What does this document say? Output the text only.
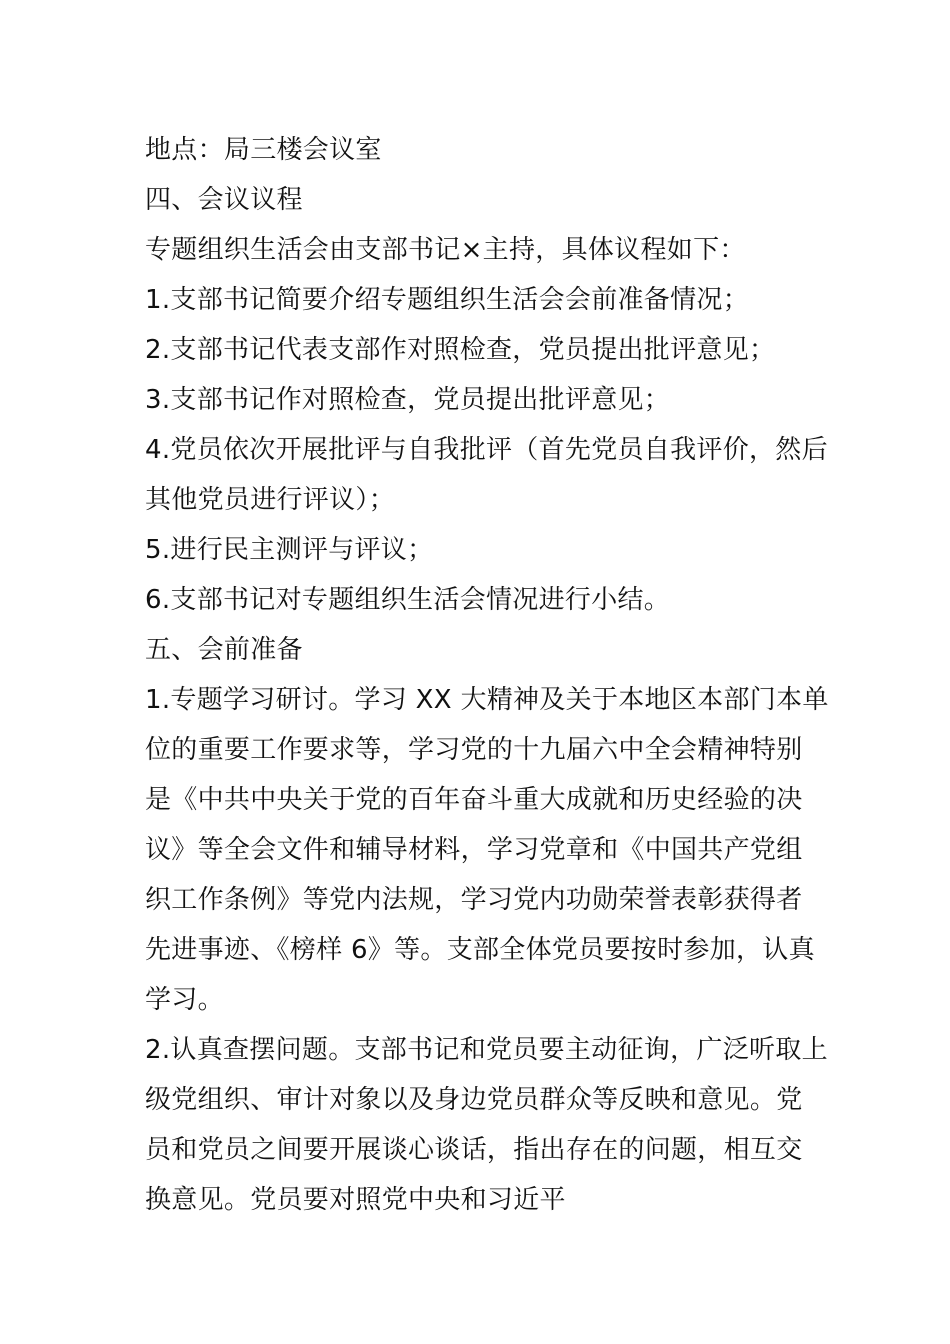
地点：局三楼会议室
四、会议议程
专题组织生活会由支部书记×主持，具体议程如下：
1.支部书记简要介绍专题组织生活会会前准备情况；
2.支部书记代表支部作对照检查，党员提出批评意见；
3.支部书记作对照检查，党员提出批评意见；
4.党员依次开展批评与自我批评（首先党员自我评价，然后
其他党员进行评议）；
5.进行民主测评与评议；
6.支部书记对专题组织生活会情况进行小结。
五、会前准备
1.专题学习研讨。学习 XX 大精神及关于本地区本部门本单
位的重要工作要求等，学习党的十九届六中全会精神特别
是《中共中央关于党的百年奋斗重大成就和历史经验的决
议》等全会文件和辅导材料，学习党章和《中国共产党组
织工作条例》等党内法规，学习党内功勋荣誉表彰获得者
先进事迹、《榜样 6》等。支部全体党员要按时参加，认真
学习。
2.认真查摆问题。支部书记和党员要主动征询，广泛听取上
级党组织、审计对象以及身边党员群众等反映和意见。党
员和党员之间要开展谈心谈话，指出存在的问题，相互交
换意见。党员要对照党中央和习近平
